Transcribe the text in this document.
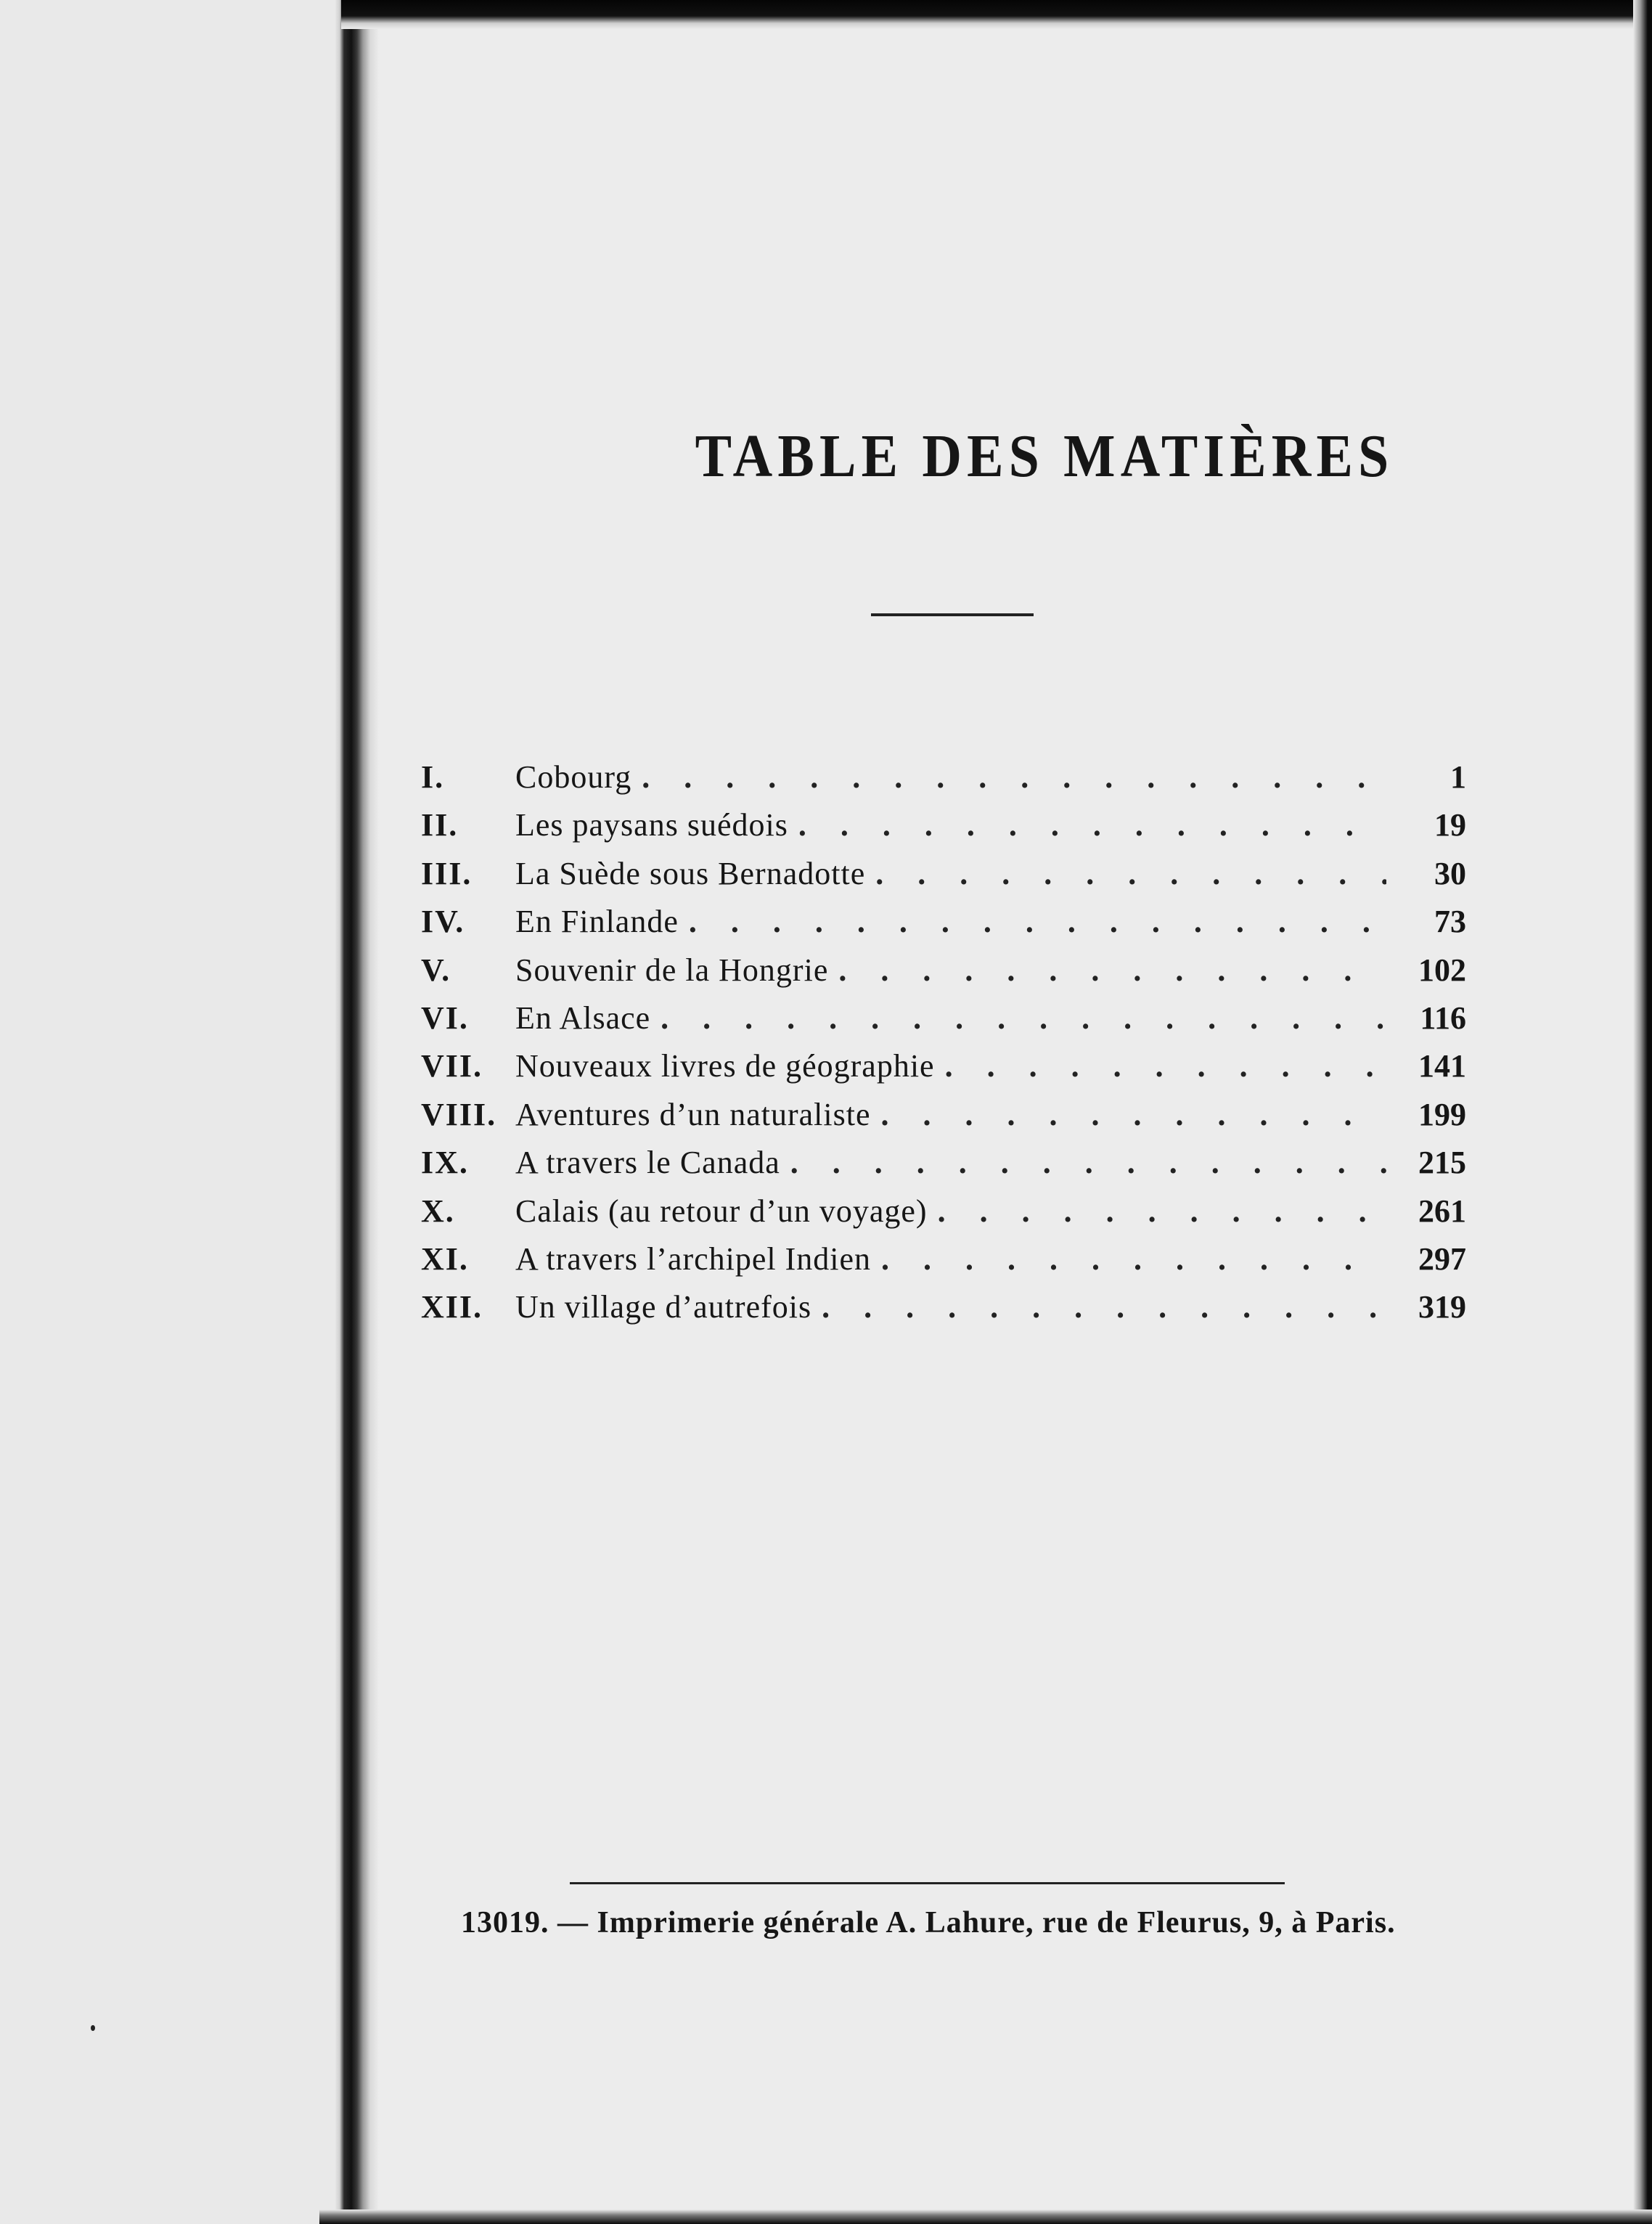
TABLE DES MATIÈRES
I.	Cobourg . . .	1
II.	Les paysans suédois . . .	19
III.	La Suède sous Bernadotte . . .	30
IV.	En Finlande . . .	73
V.	Souvenir de la Hongrie . . .	102
VI.	En Alsace . . .	116
VII.	Nouveaux livres de géographie . . .	141
VIII. Aventures d’un naturaliste . . .	199
IX.	A travers le Canada . . .	215
X.	Calais (au retour d’un voyage) . . .	261
XI.	A travers l’archipel Indien . . .	297
XII.	Un village d’autrefois . . .	319

13019. — Imprimerie générale A. Lahure, rue de Fleurus, 9, à Paris.
